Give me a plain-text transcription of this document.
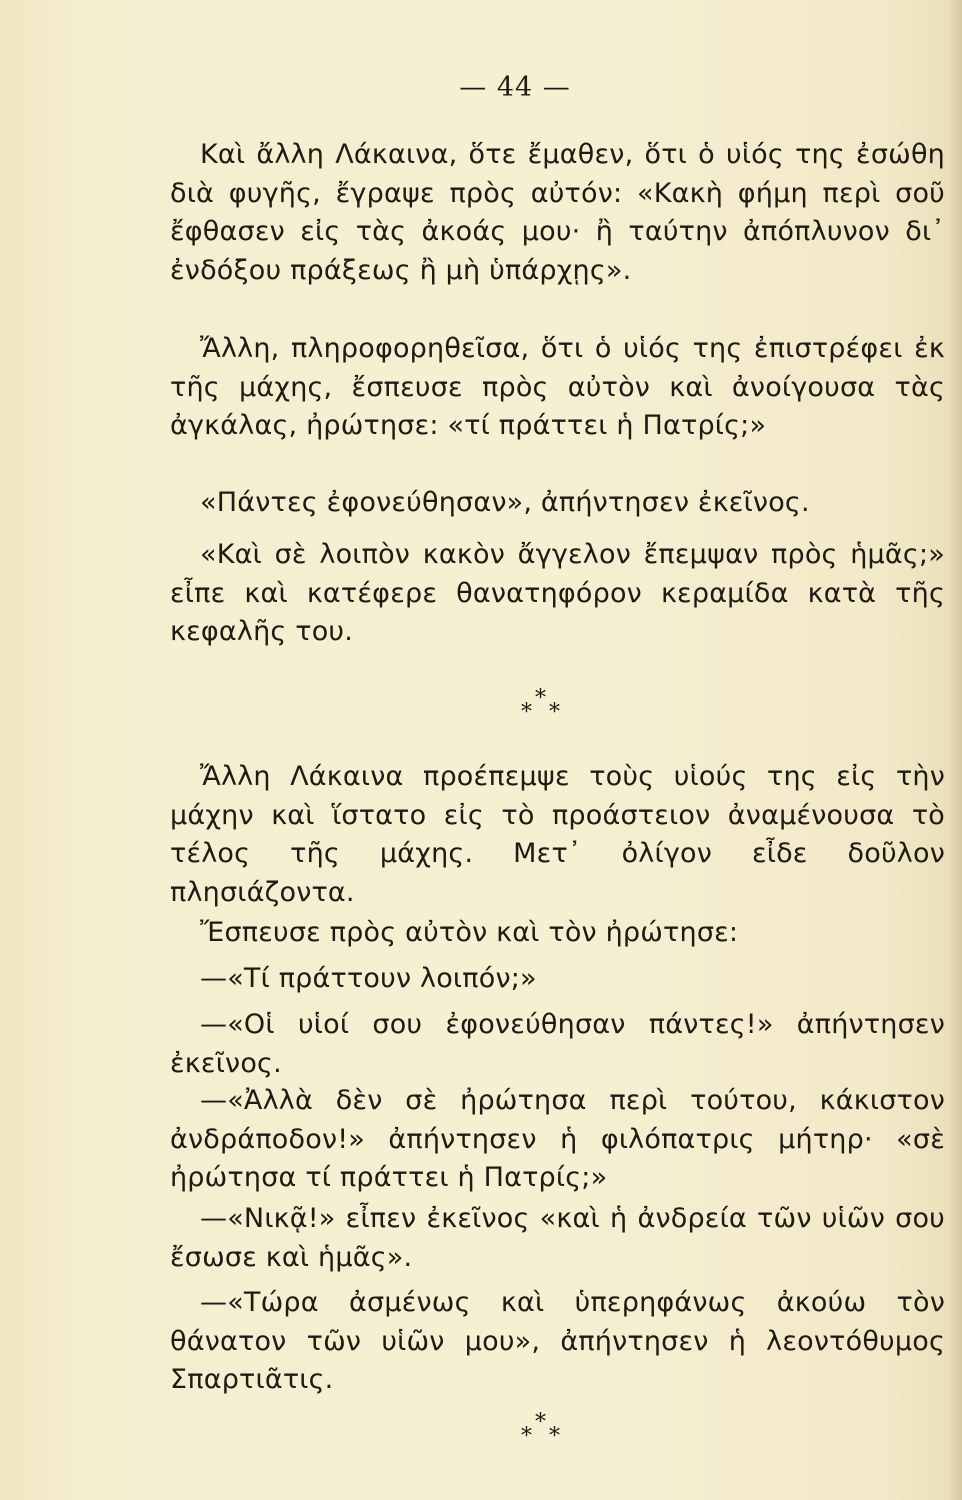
— 44 —

Καὶ ἄλλη Λάκαινα, ὅτε ἔμαθεν, ὅτι ὁ υἱός της ἐσώθη διὰ φυγῆς, ἔγραψε πρὸς αὐτόν: «Κακὴ φήμη περὶ σοῦ ἔφθασεν εἰς τὰς ἀκοάς μου· ἢ ταύτην ἀπόπλυνον δι᾽ ἐνδόξου πράξεως ἢ μὴ ὑπάρχῃς».

Ἄλλη, πληροφορηθεῖσα, ὅτι ὁ υἱός της ἐπιστρέφει ἐκ τῆς μάχης, ἔσπευσε πρὸς αὐτὸν καὶ ἀνοίγουσα τὰς ἀγκάλας, ἠρώτησε: «τί πράττει ἡ Πατρίς;»

«Πάντες ἐφονεύθησαν», ἀπήντησεν ἐκεῖνος.

«Καὶ σὲ λοιπὸν κακὸν ἄγγελον ἔπεμψαν πρὸς ἡμᾶς;» εἶπε καὶ κατέφερε θανατηφόρον κεραμίδα κατὰ τῆς κεφαλῆς του.

*
* *

Ἄλλη Λάκαινα προέπεμψε τοὺς υἱούς της εἰς τὴν μάχην καὶ ἵστατο εἰς τὸ προάστειον ἀναμένουσα τὸ τέλος τῆς μάχης. Μετ᾽ ὀλίγον εἶδε δοῦλον πλησιάζοντα.

Ἔσπευσε πρὸς αὐτὸν καὶ τὸν ἠρώτησε:

—«Τί πράττουν λοιπόν;»

—«Οἱ υἱοί σου ἐφονεύθησαν πάντες!» ἀπήντησεν ἐκεῖνος.

—«Ἀλλὰ δὲν σὲ ἠρώτησα περὶ τούτου, κάκιστον ἀνδράποδον!» ἀπήντησεν ἡ φιλόπατρις μήτηρ· «σὲ ἠρώτησα τί πράττει ἡ Πατρίς;»

—«Νικᾷ!» εἶπεν ἐκεῖνος «καὶ ἡ ἀνδρεία τῶν υἱῶν σου ἔσωσε καὶ ἡμᾶς».

—«Τώρα ἀσμένως καὶ ὑπερηφάνως ἀκούω τὸν θάνατον τῶν υἱῶν μου», ἀπήντησεν ἡ λεοντόθυμος Σπαρτιᾶτις.

*
* *
